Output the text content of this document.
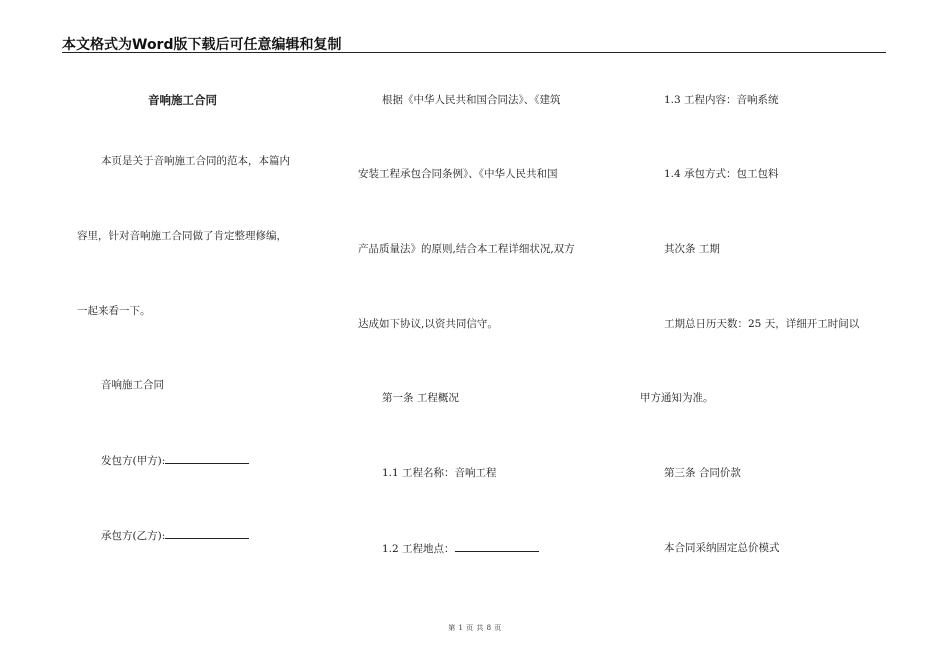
本文格式为Word版下载后可任意编辑和复制
音响施工合同
本页是关于音响施工合同的范本，本篇内
容里，针对音响施工合同做了肯定整理修编，
一起来看一下。
音响施工合同
发包方(甲方):
承包方(乙方):
根据《中华人民共和国合同法》、《建筑
安装工程承包合同条例》、《中华人民共和国
产品质量法》的原则,结合本工程详细状况,双方
达成如下协议,以资共同信守。
第一条 工程概况
1.1 工程名称：音响工程
1.2 工程地点：
1.3 工程内容：音响系统
1.4 承包方式：包工包料
其次条 工期
工期总日历天数：25 天，详细开工时间以
甲方通知为准。
第三条 合同价款
本合同采纳固定总价模式
第 1 页 共 8 页
